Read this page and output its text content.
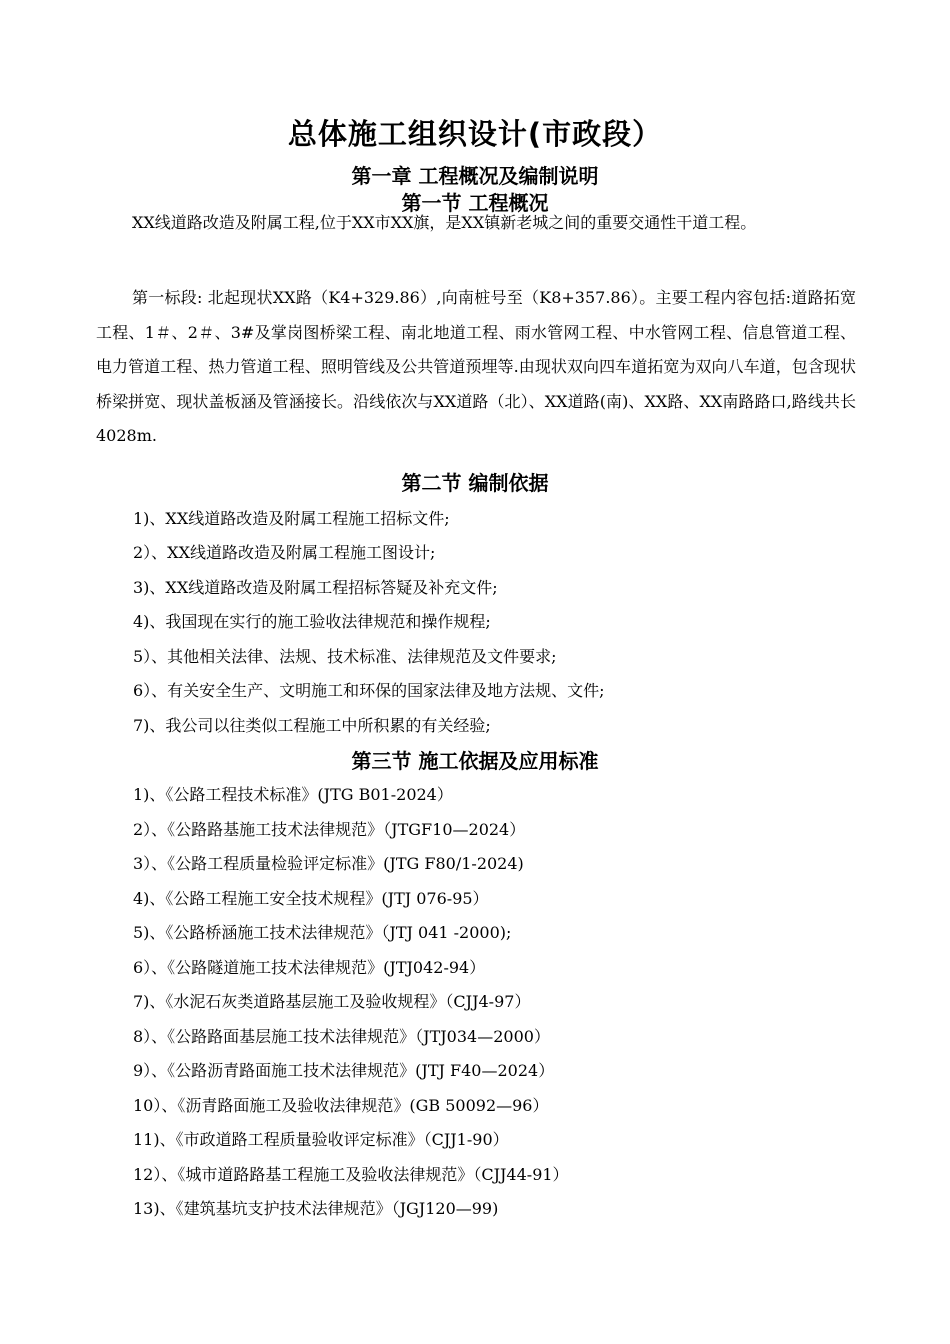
总体施工组织设计(市政段）
第一章 工程概况及编制说明
第一节 工程概况
XX线道路改造及附属工程,位于XX市XX旗，是XX镇新老城之间的重要交通性干道工程。
第一标段: 北起现状XX路（K4+329.86）,向南桩号至（K8+357.86）。主要工程内容包括:道路拓宽工程、1＃、2＃、3#及掌岗图桥梁工程、南北地道工程、雨水管网工程、中水管网工程、信息管道工程、电力管道工程、热力管道工程、照明管线及公共管道预埋等.由现状双向四车道拓宽为双向八车道，包含现状桥梁拼宽、现状盖板涵及管涵接长。沿线依次与XX道路（北）、XX道路(南)、XX路、XX南路路口,路线共长4028m.
第二节 编制依据
1)、XX线道路改造及附属工程施工招标文件;
2）、XX线道路改造及附属工程施工图设计;
3)、XX线道路改造及附属工程招标答疑及补充文件;
4)、我国现在实行的施工验收法律规范和操作规程;
5）、其他相关法律、法规、技术标准、法律规范及文件要求;
6）、有关安全生产、文明施工和环保的国家法律及地方法规、文件;
7)、我公司以往类似工程施工中所积累的有关经验;
第三节 施工依据及应用标准
1)、《公路工程技术标准》(JTG B01-2024）
2）、《公路路基施工技术法律规范》（JTGF10—2024）
3）、《公路工程质量检验评定标准》(JTG F80/1-2024)
4)、《公路工程施工安全技术规程》(JTJ 076-95）
5)、《公路桥涵施工技术法律规范》（JTJ 041 -2000);
6）、《公路隧道施工技术法律规范》(JTJ042-94）
7)、《水泥石灰类道路基层施工及验收规程》（CJJ4-97）
8）、《公路路面基层施工技术法律规范》（JTJ034—2000）
9）、《公路沥青路面施工技术法律规范》(JTJ F40—2024）
10）、《沥青路面施工及验收法律规范》(GB 50092—96）
11)、《市政道路工程质量验收评定标准》（CJJ1-90）
12）、《城市道路路基工程施工及验收法律规范》（CJJ44-91）
13)、《建筑基坑支护技术法律规范》（JGJ120—99)
